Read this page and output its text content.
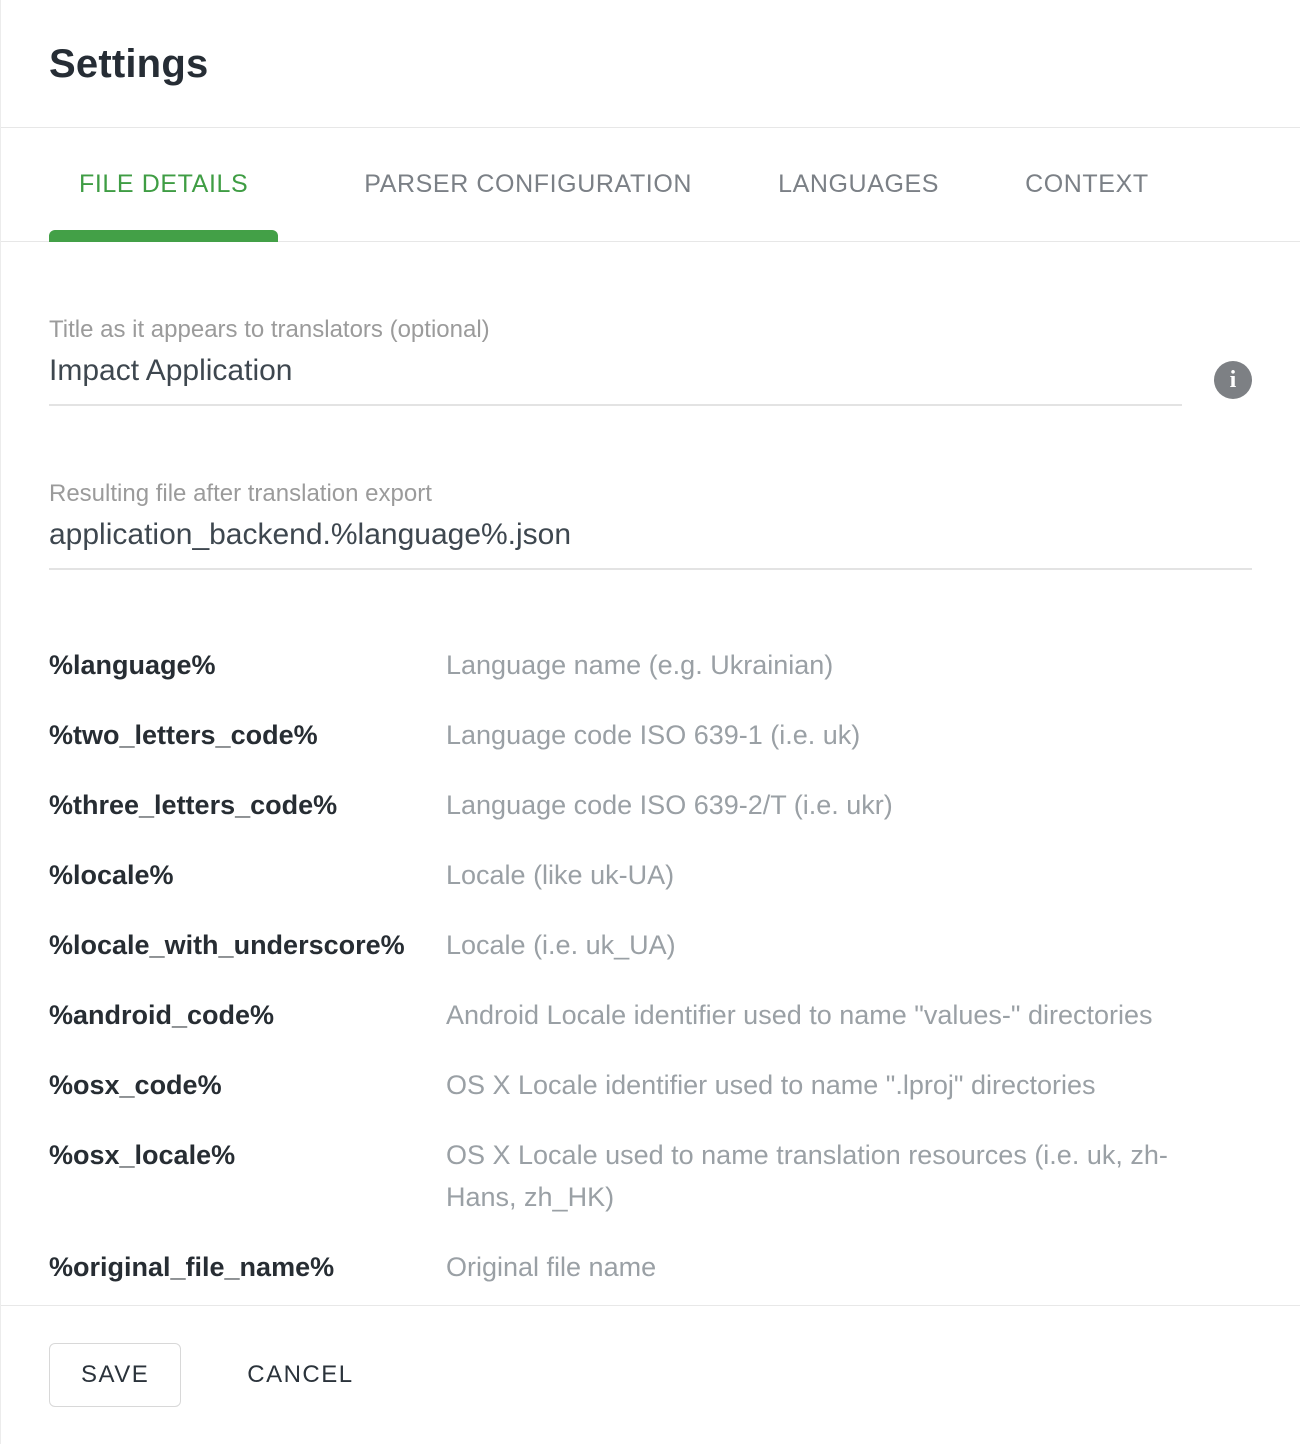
Settings
FILE DETAILS	PARSER CONFIGURATION	LANGUAGES	CONTEXT
Title as it appears to translators (optional)
Impact Application
i
Resulting file after translation export
application_backend.%language%.json
%language%	Language name (e.g. Ukrainian)
%two_letters_code%	Language code ISO 639-1 (i.e. uk)
%three_letters_code%	Language code ISO 639-2/T (i.e. ukr)
%locale%	Locale (like uk-UA)
%locale_with_underscore%	Locale (i.e. uk_UA)
%android_code%	Android Locale identifier used to name "values-" directories
%osx_code%	OS X Locale identifier used to name ".lproj" directories
%osx_locale%	OS X Locale used to name translation resources (i.e. uk, zh-Hans, zh_HK)
%original_file_name%	Original file name
SAVE	CANCEL
